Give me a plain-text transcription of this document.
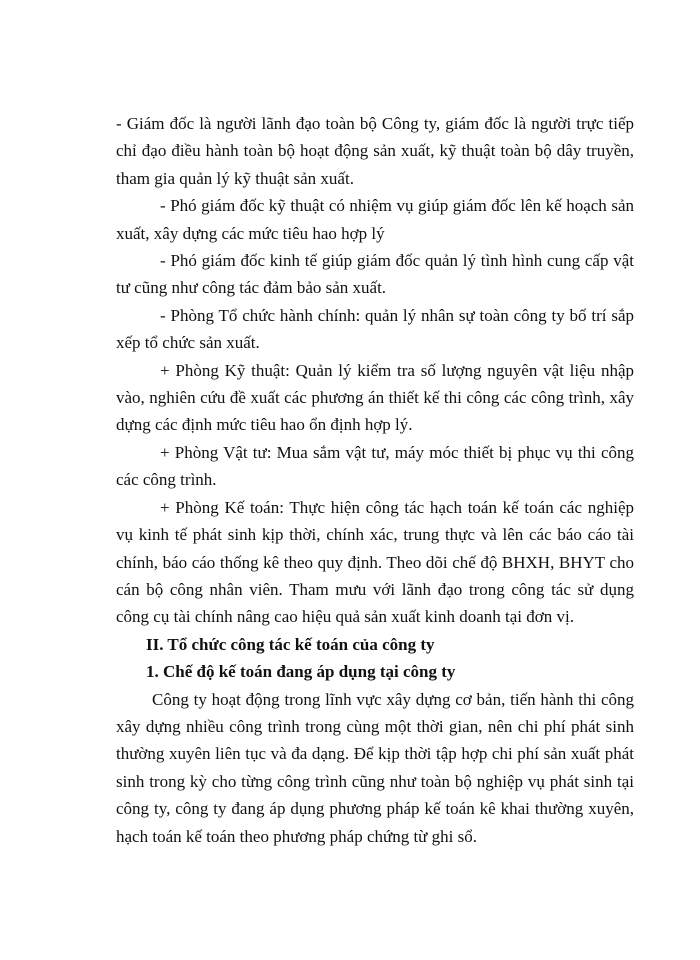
- Giám đốc là người lãnh đạo toàn bộ Công ty, giám đốc là người trực tiếp chỉ đạo điều hành toàn bộ hoạt động sản xuất, kỹ thuật toàn bộ dây truyền, tham gia quản lý kỹ thuật sản xuất.

- Phó giám đốc kỹ thuật có nhiệm vụ giúp giám đốc lên kế hoạch sản xuất, xây dựng các mức tiêu hao hợp lý

- Phó giám đốc kinh tế giúp giám đốc quản lý tình hình cung cấp vật tư cũng như công tác đảm bảo sản xuất.

- Phòng Tổ chức hành chính: quản lý nhân sự toàn công ty bố trí sắp xếp tổ chức sản xuất.

+ Phòng Kỹ thuật: Quản lý kiểm tra số lượng nguyên vật liệu nhập vào, nghiên cứu đề xuất các phương án thiết kế thi công các công trình, xây dựng các định mức tiêu hao ổn định hợp lý.

+ Phòng Vật tư: Mua sắm vật tư, máy móc thiết bị phục vụ thi công các công trình.

+ Phòng Kế toán: Thực hiện công tác hạch toán kế toán các nghiệp vụ kinh tế phát sinh kịp thời, chính xác, trung thực và lên các báo cáo tài chính, báo cáo thống kê theo quy định. Theo dõi chế độ BHXH, BHYT cho cán bộ công nhân viên. Tham mưu với lãnh đạo trong công tác sử dụng công cụ tài chính nâng cao hiệu quả sản xuất kinh doanh tại đơn vị.

II. Tổ chức công tác kế toán của công ty

1. Chế độ kế toán đang áp dụng tại công ty

Công ty hoạt động trong lĩnh vực xây dựng cơ bản, tiến hành thi công xây dựng nhiều công trình trong cùng một thời gian, nên chi phí phát sinh thường xuyên liên tục và đa dạng. Để kịp thời tập hợp chi phí sản xuất phát sinh trong kỳ cho từng công trình cũng như toàn bộ nghiệp vụ phát sinh tại công ty, công ty đang áp dụng phương pháp kế toán kê khai thường xuyên, hạch toán kế toán theo phương pháp chứng từ ghi sổ.
